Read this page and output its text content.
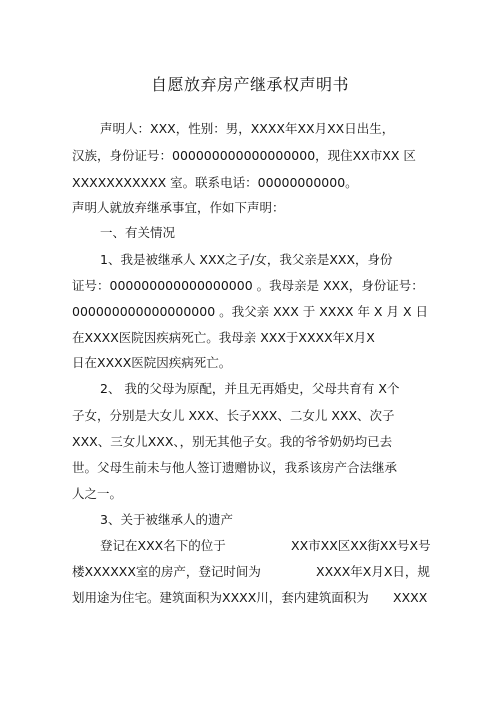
自愿放弃房产继承权声明书
声明人：XXX，性别：男，XXXX年XX月XX日出生，
汉族，身份证号：000000000000000000，现住XX市XX 区
XXXXXXXXXXX 室。联系电话：00000000000。
声明人就放弃继承事宜，作如下声明：
一、有关情况
1、我是被继承人 XXX之子/女，我父亲是XXX，身份
证号：000000000000000000 。我母亲是 XXX，身份证号：
000000000000000000 。我父亲 XXX 于 XXXX 年 X 月 X 日
在XXXX医院因疾病死亡。我母亲 XXX于XXXX年X月X
日在XXXX医院因疾病死亡。
2、 我的父母为原配，并且无再婚史，父母共育有 X个
子女，分别是大女儿 XXX、长子XXX、二女儿 XXX、次子
XXX、三女儿XXX、，别无其他子女。我的爷爷奶奶均已去
世。父母生前未与他人签订遗赠协议，我系该房产合法继承
人之一。
3、关于被继承人的遗产
登记在XXX名下的位于	XX市XX区XX街XX号X号
楼XXXXXX室的房产，登记时间为	XXXX年X月X日，规
划用途为住宅。建筑面积为XXXX川，套内建筑面积为 XXXX
